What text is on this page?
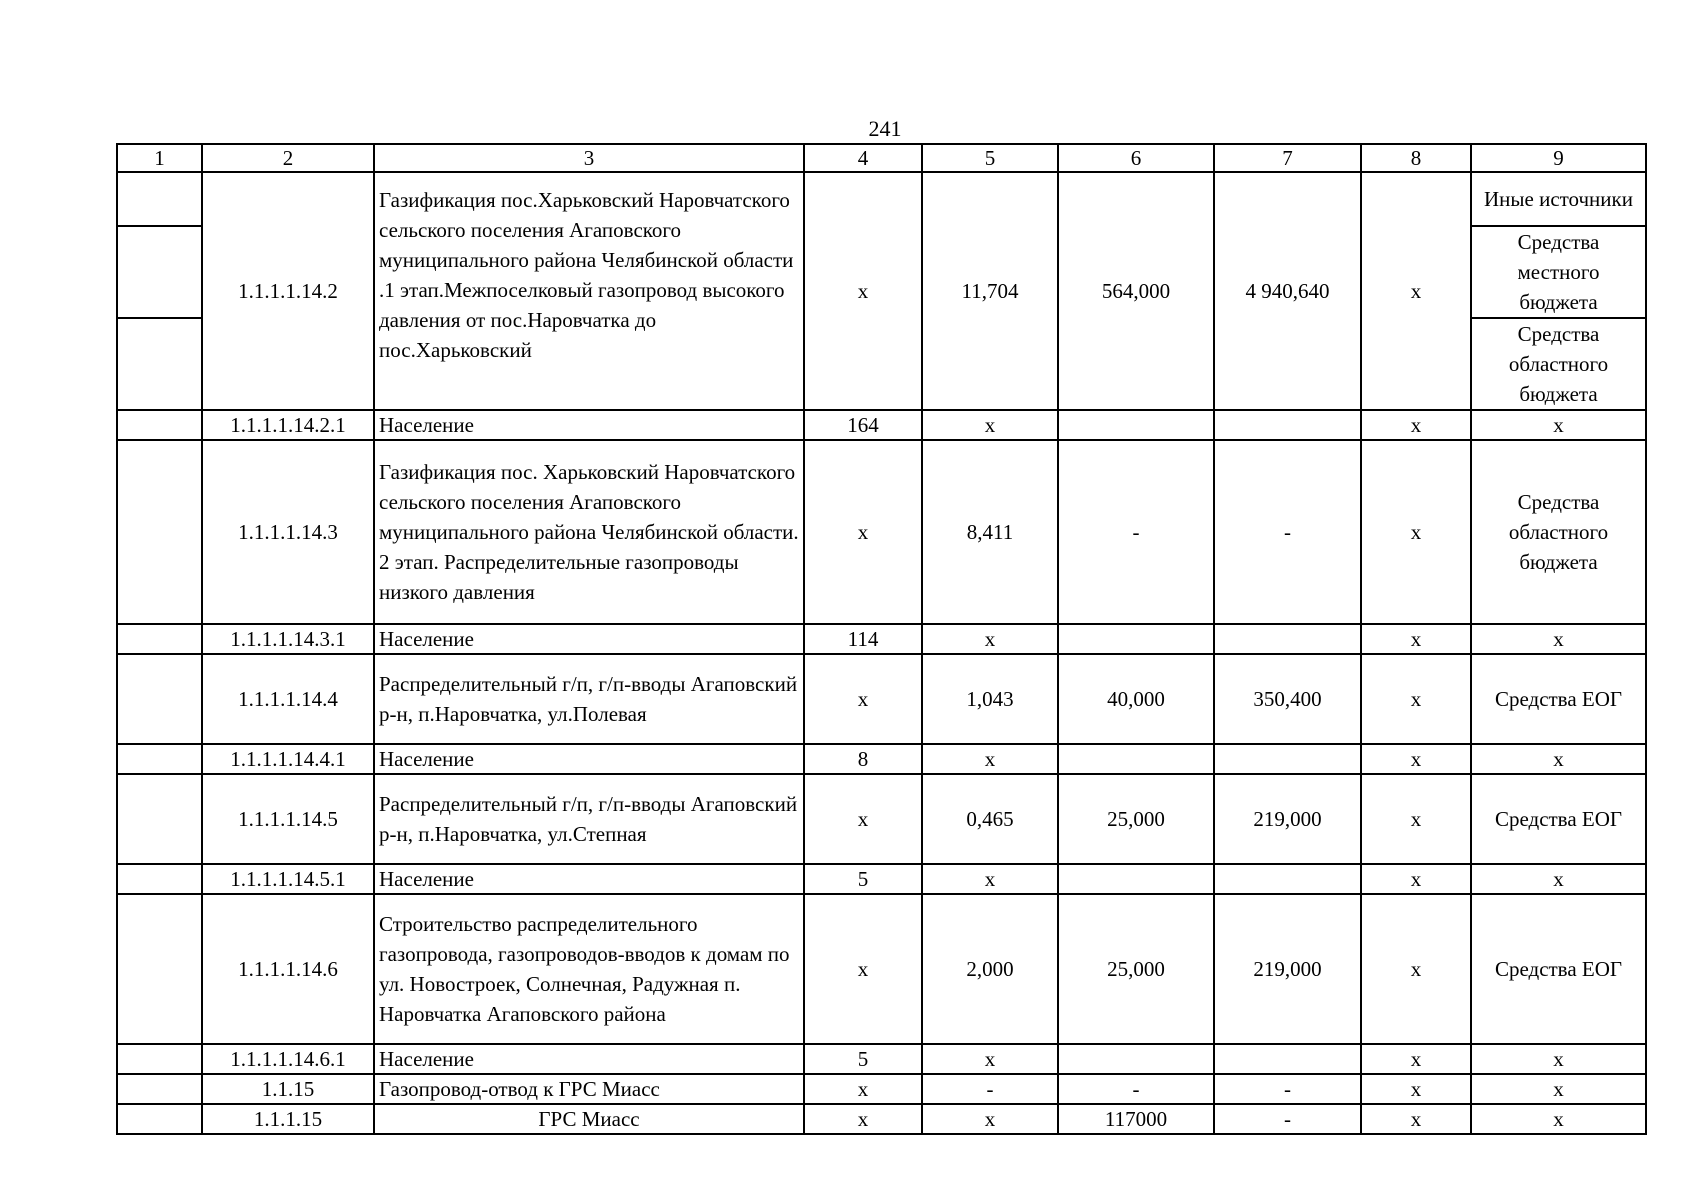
241
1	2	3	4	5	6	7	8	9
	1.1.1.1.14.2	Газификация пос.Харьковский Наровчатского сельского поселения Агаповского муниципального района Челябинской области .1 этап.Межпоселковый газопровод высокого давления от пос.Наровчатка до пос.Харьковский	х	11,704	564,000	4 940,640	х	Иные источники

								Средства местного бюджета

								Средства областного бюджета

	1.1.1.1.14.2.1	Население	164	х			х	х
	1.1.1.1.14.3	Газификация пос. Харьковский Наровчатского сельского поселения Агаповского муниципального района Челябинской области. 2 этап. Распределительные газопроводы низкого давления	х	8,411	-	-	х	Средства областного бюджета
	1.1.1.1.14.3.1	Население	114	х			х	х
	1.1.1.1.14.4	Распределительный г/п, г/п-вводы Агаповский р-н, п.Наровчатка, ул.Полевая	х	1,043	40,000	350,400	х	Средства ЕОГ
	1.1.1.1.14.4.1	Население	8	х			х	х
	1.1.1.1.14.5	Распределительный г/п, г/п-вводы Агаповский р-н, п.Наровчатка, ул.Степная	х	0,465	25,000	219,000	х	Средства ЕОГ
	1.1.1.1.14.5.1	Население	5	х			х	х
	1.1.1.1.14.6	Строительство распределительного газопровода, газопроводов-вводов к домам по ул. Новостроек, Солнечная, Радужная п. Наровчатка Агаповского района	х	2,000	25,000	219,000	х	Средства ЕОГ
	1.1.1.1.14.6.1	Население	5	х			х	х
	1.1.15	Газопровод-отвод к ГРС Миасс	х	-	-	-	х	х
	1.1.1.15	ГРС Миасс	х	х	117000	-	х	х
